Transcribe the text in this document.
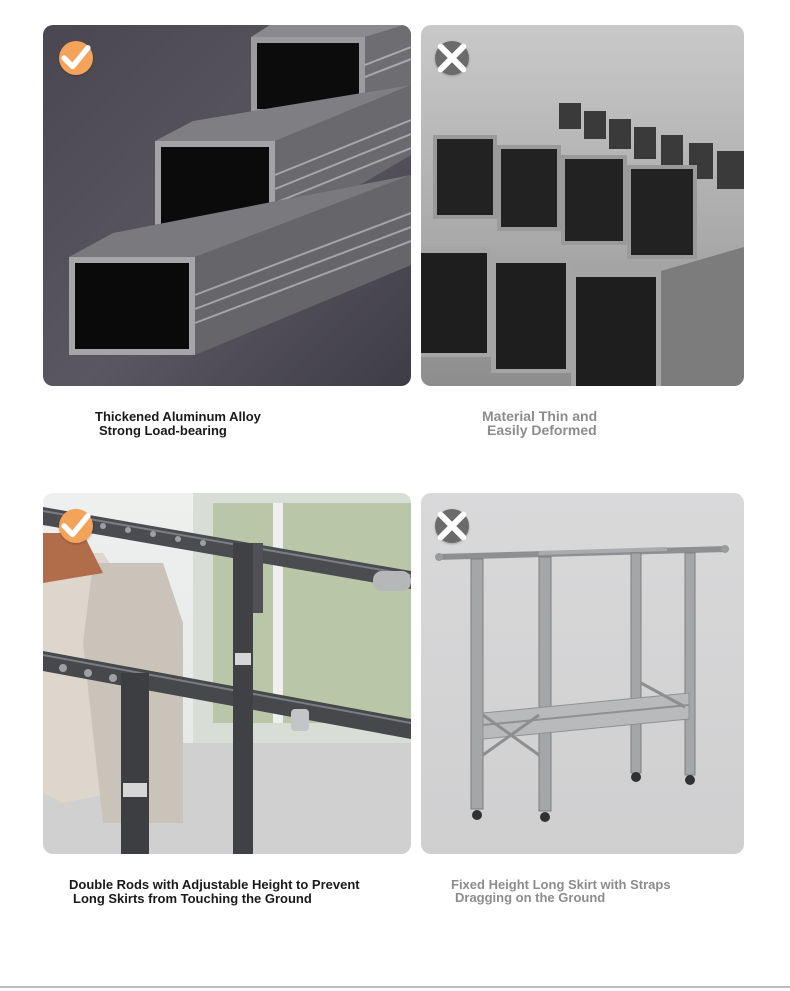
Thickened Aluminum Alloy
Strong Load-bearing
Material Thin and
Easily Deformed
Double Rods with Adjustable Height to Prevent
Long Skirts from Touching the Ground
Fixed Height Long Skirt with Straps
Dragging on the Ground
